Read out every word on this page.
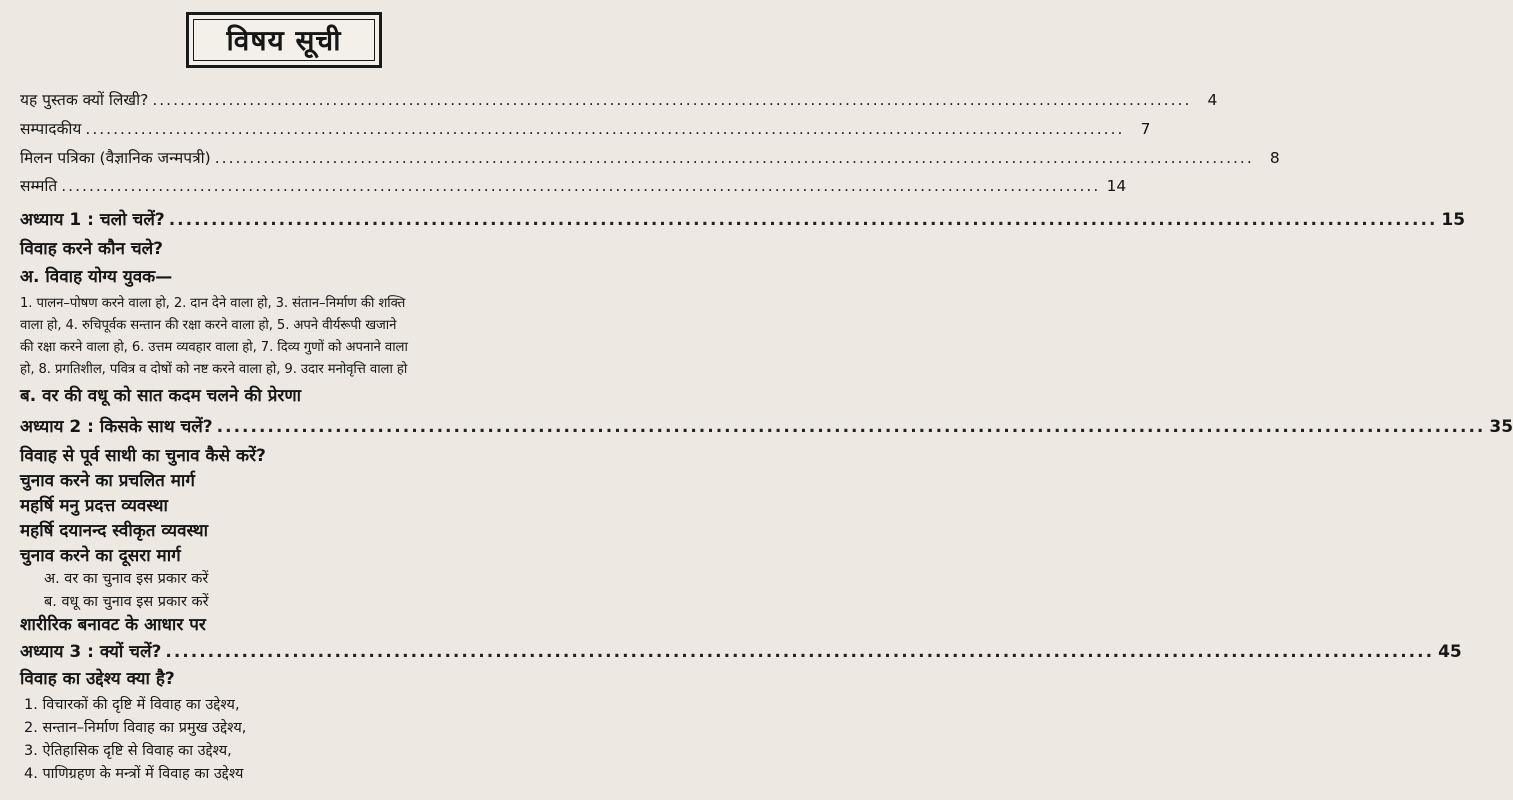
विषय सूची
यह पुस्तक क्यों लिखी? ......................................................................................................................................................	4
सम्पादकीय ......................................................................................................................................................	7
मिलन पत्रिका (वैज्ञानिक जन्मपत्री) ......................................................................................................................................................	8
सम्मति ...................................................................................................................................................... 14
अध्याय 1 : चलो चलें? ...................................................................................................................................................... 15
विवाह करने कौन चले?
अ. विवाह योग्य युवक—
1. पालन–पोषण करने वाला हो, 2. दान देने वाला हो, 3. संतान–निर्माण की शक्ति
वाला हो, 4. रुचिपूर्वक सन्तान की रक्षा करने वाला हो, 5. अपने वीर्यरूपी खजाने
की रक्षा करने वाला हो, 6. उत्तम व्यवहार वाला हो, 7. दिव्य गुणों को अपनाने वाला
हो, 8. प्रगतिशील, पवित्र व दोषों को नष्ट करने वाला हो, 9. उदार मनोवृत्ति वाला हो
ब. वर की वधू को सात कदम चलने की प्रेरणा
अध्याय 2 : किसके साथ चलें? ...................................................................................................................................................... 35
विवाह से पूर्व साथी का चुनाव कैसे करें?
चुनाव करने का प्रचलित मार्ग
महर्षि मनु प्रदत्त व्यवस्था
महर्षि दयानन्द स्वीकृत व्यवस्था
चुनाव करने का दूसरा मार्ग
अ. वर का चुनाव इस प्रकार करें
ब. वधू का चुनाव इस प्रकार करें
शारीरिक बनावट के आधार पर
अध्याय 3 : क्यों चलें? ...................................................................................................................................................... 45
विवाह का उद्देश्य क्या है?
1. विचारकों की दृष्टि में विवाह का उद्देश्य,
2. सन्तान–निर्माण विवाह का प्रमुख उद्देश्य,
3. ऐतिहासिक दृष्टि से विवाह का उद्देश्य,
4. पाणिग्रहण के मन्त्रों में विवाह का उद्देश्य
